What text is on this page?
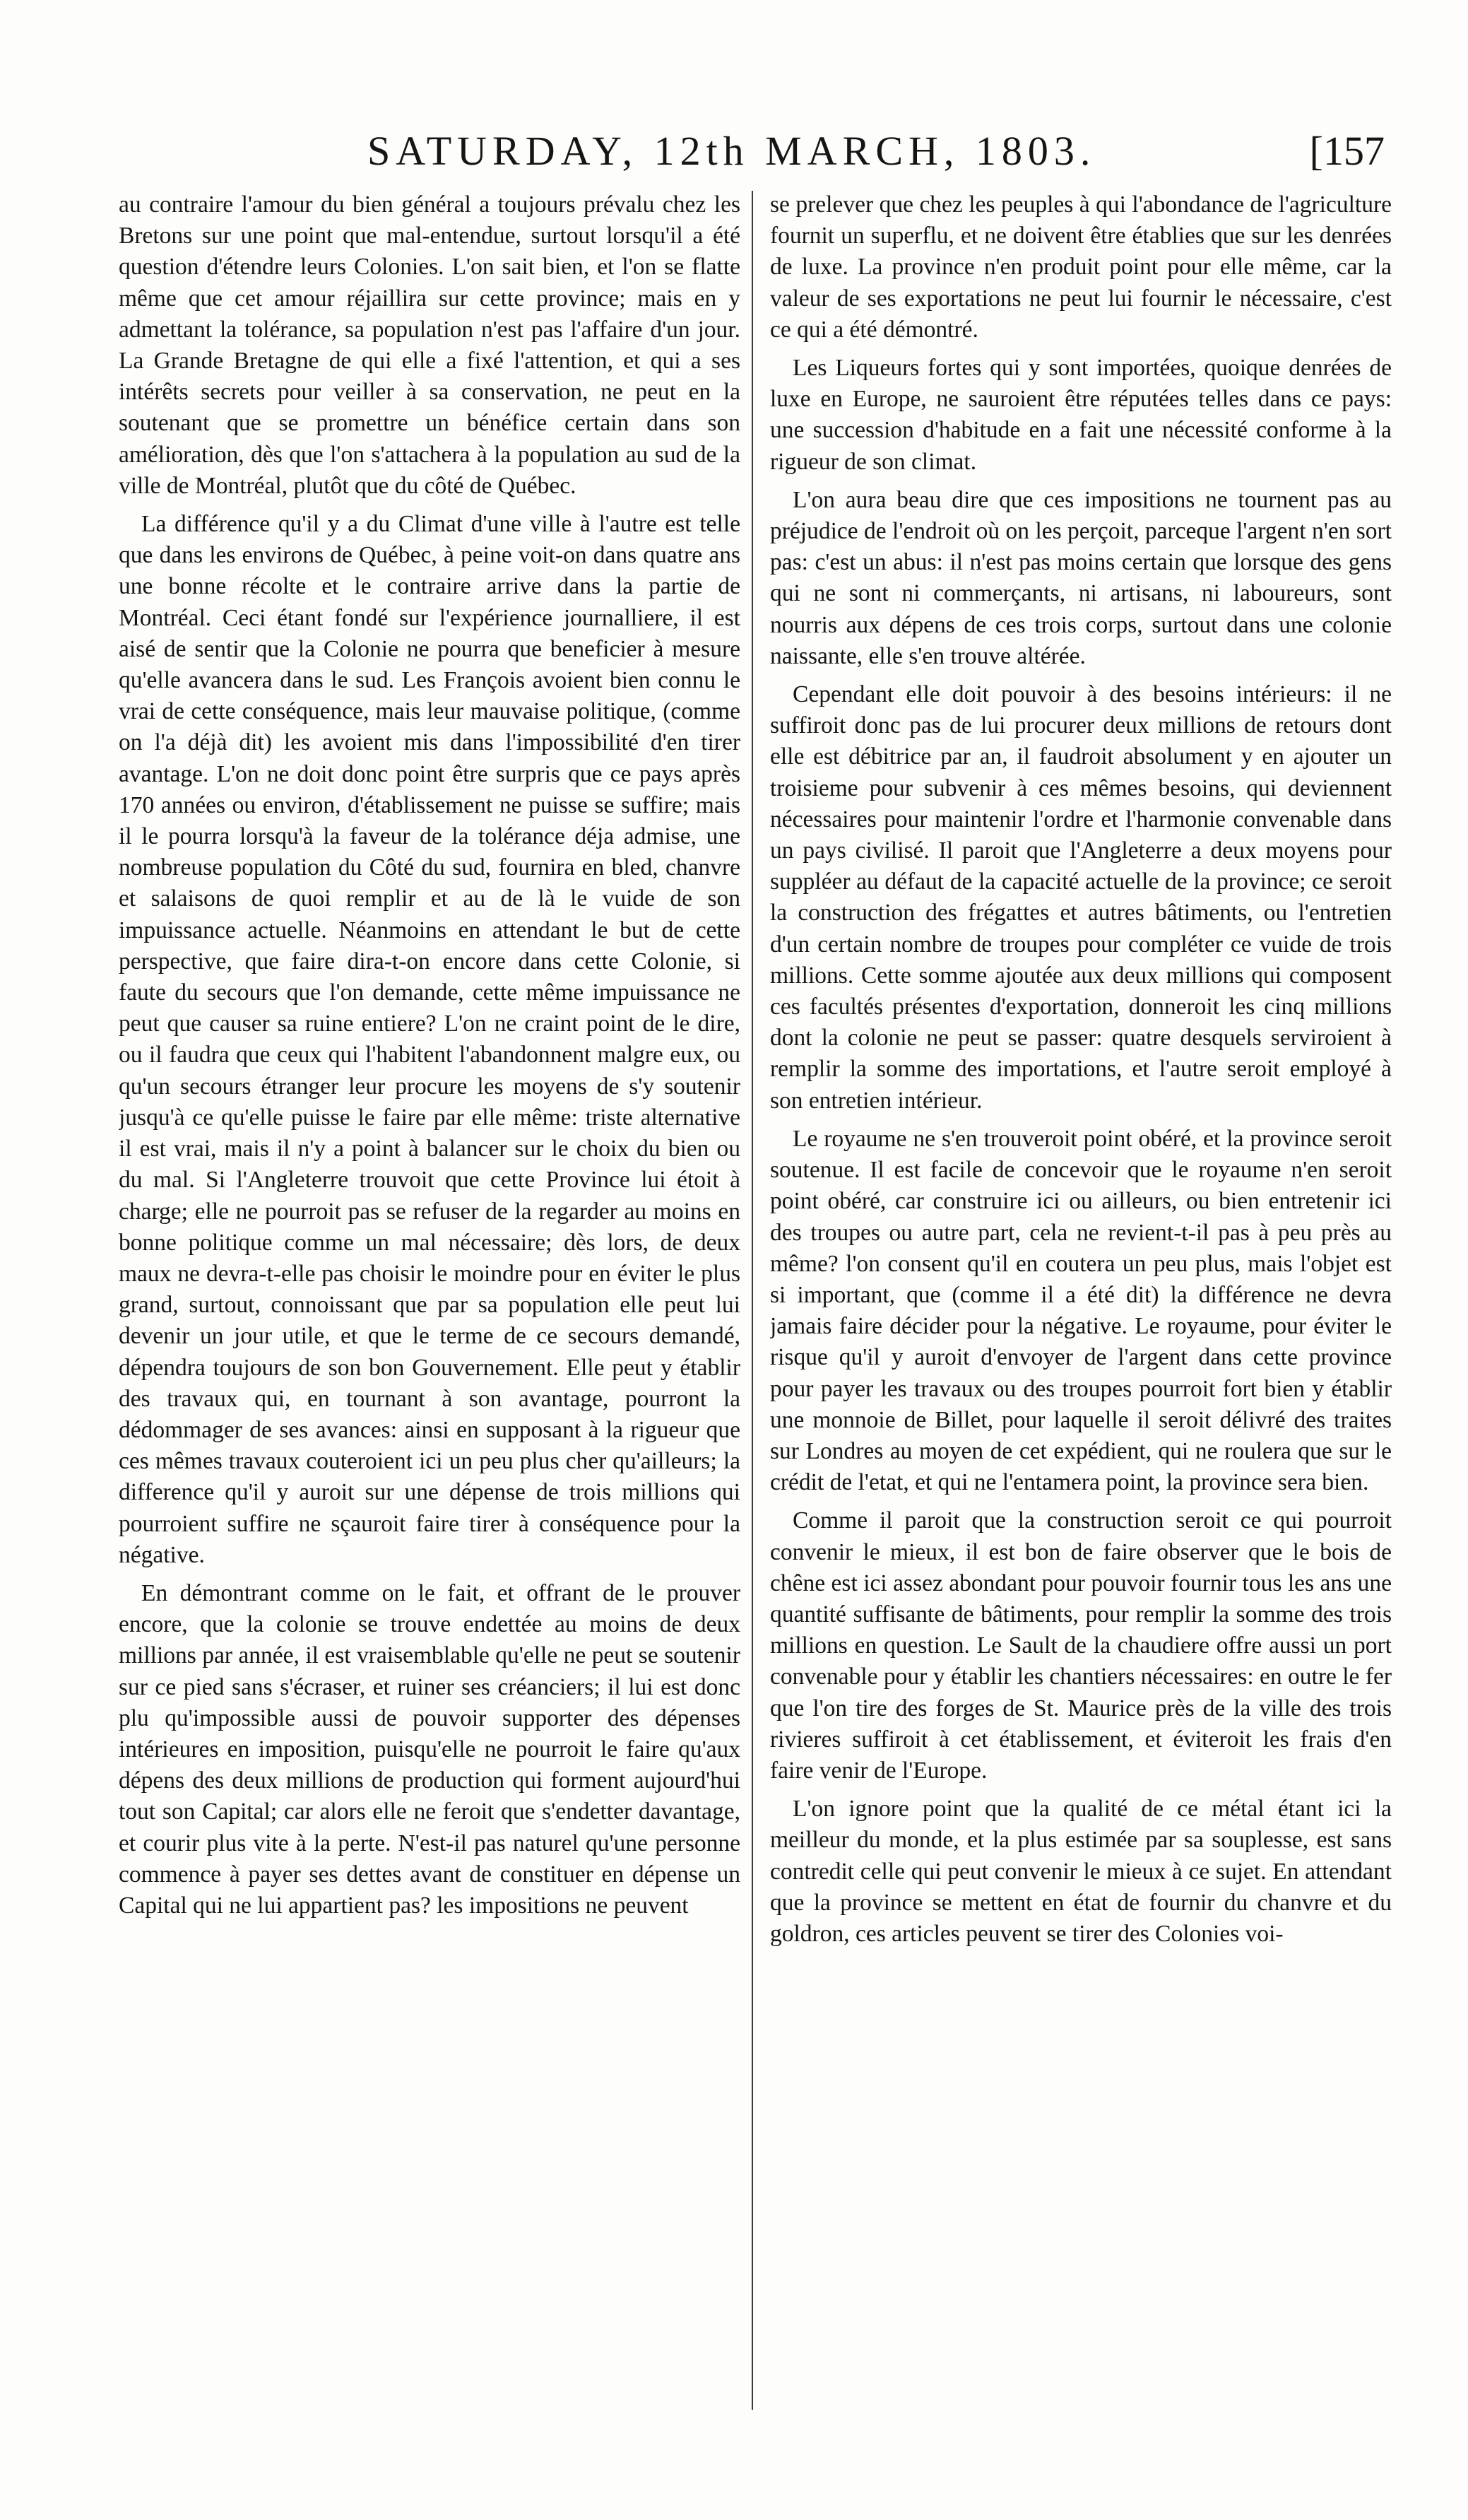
SATURDAY, 12th MARCH, 1803.	[157

au contraire l'amour du bien général a toujours prévalu chez les Bretons sur une point que mal-entendue, surtout lorsqu'il a été question d'étendre leurs Colonies. L'on sait bien, et l'on se flatte même que cet amour réjaillira sur cette province; mais en y admettant la tolérance, sa population n'est pas l'affaire d'un jour. La Grande Bretagne de qui elle a fixé l'attention, et qui a ses intérêts secrets pour veiller à sa conservation, ne peut en la soutenant que se promettre un bénéfice certain dans son amélioration, dès que l'on s'attachera à la population au sud de la ville de Montréal, plutôt que du côté de Québec.

La différence qu'il y a du Climat d'une ville à l'autre est telle que dans les environs de Québec, à peine voit-on dans quatre ans une bonne récolte et le contraire arrive dans la partie de Montréal. Ceci étant fondé sur l'expérience journalliere, il est aisé de sentir que la Colonie ne pourra que beneficier à mesure qu'elle avancera dans le sud. Les François avoient bien connu le vrai de cette conséquence, mais leur mauvaise politique, (comme on l'a déjà dit) les avoient mis dans l'impossibilité d'en tirer avantage. L'on ne doit donc point être surpris que ce pays après 170 années ou environ, d'établissement ne puisse se suffire; mais il le pourra lorsqu'à la faveur de la tolérance déja admise, une nombreuse population du Côté du sud, fournira en bled, chanvre et salaisons de quoi remplir et au de là le vuide de son impuissance actuelle. Néanmoins en attendant le but de cette perspective, que faire dira-t-on encore dans cette Colonie, si faute du secours que l'on demande, cette même impuissance ne peut que causer sa ruine entiere? L'on ne craint point de le dire, ou il faudra que ceux qui l'habitent l'abandonnent malgre eux, ou qu'un secours étranger leur procure les moyens de s'y soutenir jusqu'à ce qu'elle puisse le faire par elle même: triste alternative il est vrai, mais il n'y a point à balancer sur le choix du bien ou du mal. Si l'Angleterre trouvoit que cette Province lui étoit à charge; elle ne pourroit pas se refuser de la regarder au moins en bonne politique comme un mal nécessaire; dès lors, de deux maux ne devra-t-elle pas choisir le moindre pour en éviter le plus grand, surtout, connoissant que par sa population elle peut lui devenir un jour utile, et que le terme de ce secours demandé, dépendra toujours de son bon Gouvernement. Elle peut y établir des travaux qui, en tournant à son avantage, pourront la dédommager de ses avances: ainsi en supposant à la rigueur que ces mêmes travaux couteroient ici un peu plus cher qu'ailleurs; la difference qu'il y auroit sur une dépense de trois millions qui pourroient suffire ne sçauroit faire tirer à conséquence pour la négative.

En démontrant comme on le fait, et offrant de le prouver encore, que la colonie se trouve endettée au moins de deux millions par année, il est vraisemblable qu'elle ne peut se soutenir sur ce pied sans s'écraser, et ruiner ses créanciers; il lui est donc plu qu'impossible aussi de pouvoir supporter des dépenses intérieures en imposition, puisqu'elle ne pourroit le faire qu'aux dépens des deux millions de production qui forment aujourd'hui tout son Capital; car alors elle ne feroit que s'endetter davantage, et courir plus vite à la perte. N'est-il pas naturel qu'une personne commence à payer ses dettes avant de constituer en dépense un Capital qui ne lui appartient pas? les impositions ne peuvent

se prelever que chez les peuples à qui l'abondance de l'agriculture fournit un superflu, et ne doivent être établies que sur les denrées de luxe. La province n'en produit point pour elle même, car la valeur de ses exportations ne peut lui fournir le nécessaire, c'est ce qui a été démontré.

Les Liqueurs fortes qui y sont importées, quoique denrées de luxe en Europe, ne sauroient être réputées telles dans ce pays: une succession d'habitude en a fait une nécessité conforme à la rigueur de son climat.

L'on aura beau dire que ces impositions ne tournent pas au préjudice de l'endroit où on les perçoit, parceque l'argent n'en sort pas: c'est un abus: il n'est pas moins certain que lorsque des gens qui ne sont ni commerçants, ni artisans, ni laboureurs, sont nourris aux dépens de ces trois corps, surtout dans une colonie naissante, elle s'en trouve altérée.

Cependant elle doit pouvoir à des besoins intérieurs: il ne suffiroit donc pas de lui procurer deux millions de retours dont elle est débitrice par an, il faudroit absolument y en ajouter un troisieme pour subvenir à ces mêmes besoins, qui deviennent nécessaires pour maintenir l'ordre et l'harmonie convenable dans un pays civilisé. Il paroit que l'Angleterre a deux moyens pour suppléer au défaut de la capacité actuelle de la province; ce seroit la construction des frégattes et autres bâtiments, ou l'entretien d'un certain nombre de troupes pour compléter ce vuide de trois millions. Cette somme ajoutée aux deux millions qui composent ces facultés présentes d'exportation, donneroit les cinq millions dont la colonie ne peut se passer: quatre desquels serviroient à remplir la somme des importations, et l'autre seroit employé à son entretien intérieur.

Le royaume ne s'en trouveroit point obéré, et la province seroit soutenue. Il est facile de concevoir que le royaume n'en seroit point obéré, car construire ici ou ailleurs, ou bien entretenir ici des troupes ou autre part, cela ne revient-t-il pas à peu près au même? l'on consent qu'il en coutera un peu plus, mais l'objet est si important, que (comme il a été dit) la différence ne devra jamais faire décider pour la négative. Le royaume, pour éviter le risque qu'il y auroit d'envoyer de l'argent dans cette province pour payer les travaux ou des troupes pourroit fort bien y établir une monnoie de Billet, pour laquelle il seroit délivré des traites sur Londres au moyen de cet expédient, qui ne roulera que sur le crédit de l'etat, et qui ne l'entamera point, la province sera bien.

Comme il paroit que la construction seroit ce qui pourroit convenir le mieux, il est bon de faire observer que le bois de chêne est ici assez abondant pour pouvoir fournir tous les ans une quantité suffisante de bâtiments, pour remplir la somme des trois millions en question. Le Sault de la chaudiere offre aussi un port convenable pour y établir les chantiers nécessaires: en outre le fer que l'on tire des forges de St. Maurice près de la ville des trois rivieres suffiroit à cet établissement, et éviteroit les frais d'en faire venir de l'Europe.

L'on ignore point que la qualité de ce métal étant ici la meilleur du monde, et la plus estimée par sa souplesse, est sans contredit celle qui peut convenir le mieux à ce sujet. En attendant que la province se mettent en état de fournir du chanvre et du goldron, ces articles peuvent se tirer des Colonies voi-
